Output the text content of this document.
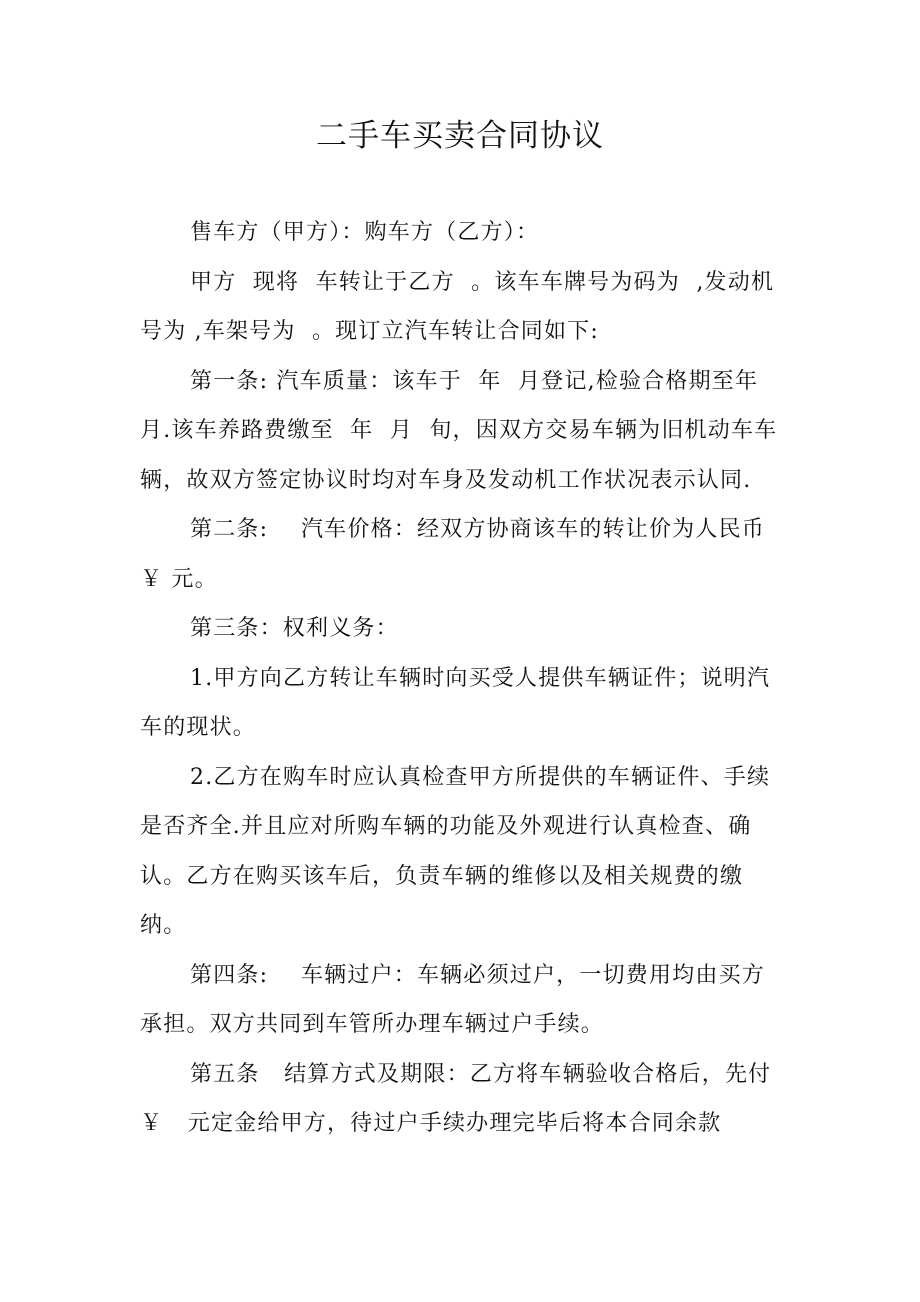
二手车买卖合同协议

售车方（甲方）：购车方（乙方）：

甲方  现将  车转让于乙方  。该车车牌号为码为  ,发动机号为 ,车架号为  。现订立汽车转让合同如下:

第一条: 汽车质量：该车于  年  月登记,检验合格期至年  月.该车养路费缴至  年  月  旬，因双方交易车辆为旧机动车车辆，故双方签定协议时均对车身及发动机工作状况表示认同.

第二条:    汽车价格：经双方协商该车的转让价为人民币 ￥ 元。

第三条：权利义务：

1.甲方向乙方转让车辆时向买受人提供车辆证件；说明汽车的现状。

2.乙方在购车时应认真检查甲方所提供的车辆证件、手续是否齐全.并且应对所购车辆的功能及外观进行认真检查、确认。乙方在购买该车后，负责车辆的维修以及相关规费的缴纳。

第四条:    车辆过户：车辆必须过户，一切费用均由买方承担。双方共同到车管所办理车辆过户手续。

第五条   结算方式及期限：乙方将车辆验收合格后，先付￥   元定金给甲方，待过户手续办理完毕后将本合同余款
